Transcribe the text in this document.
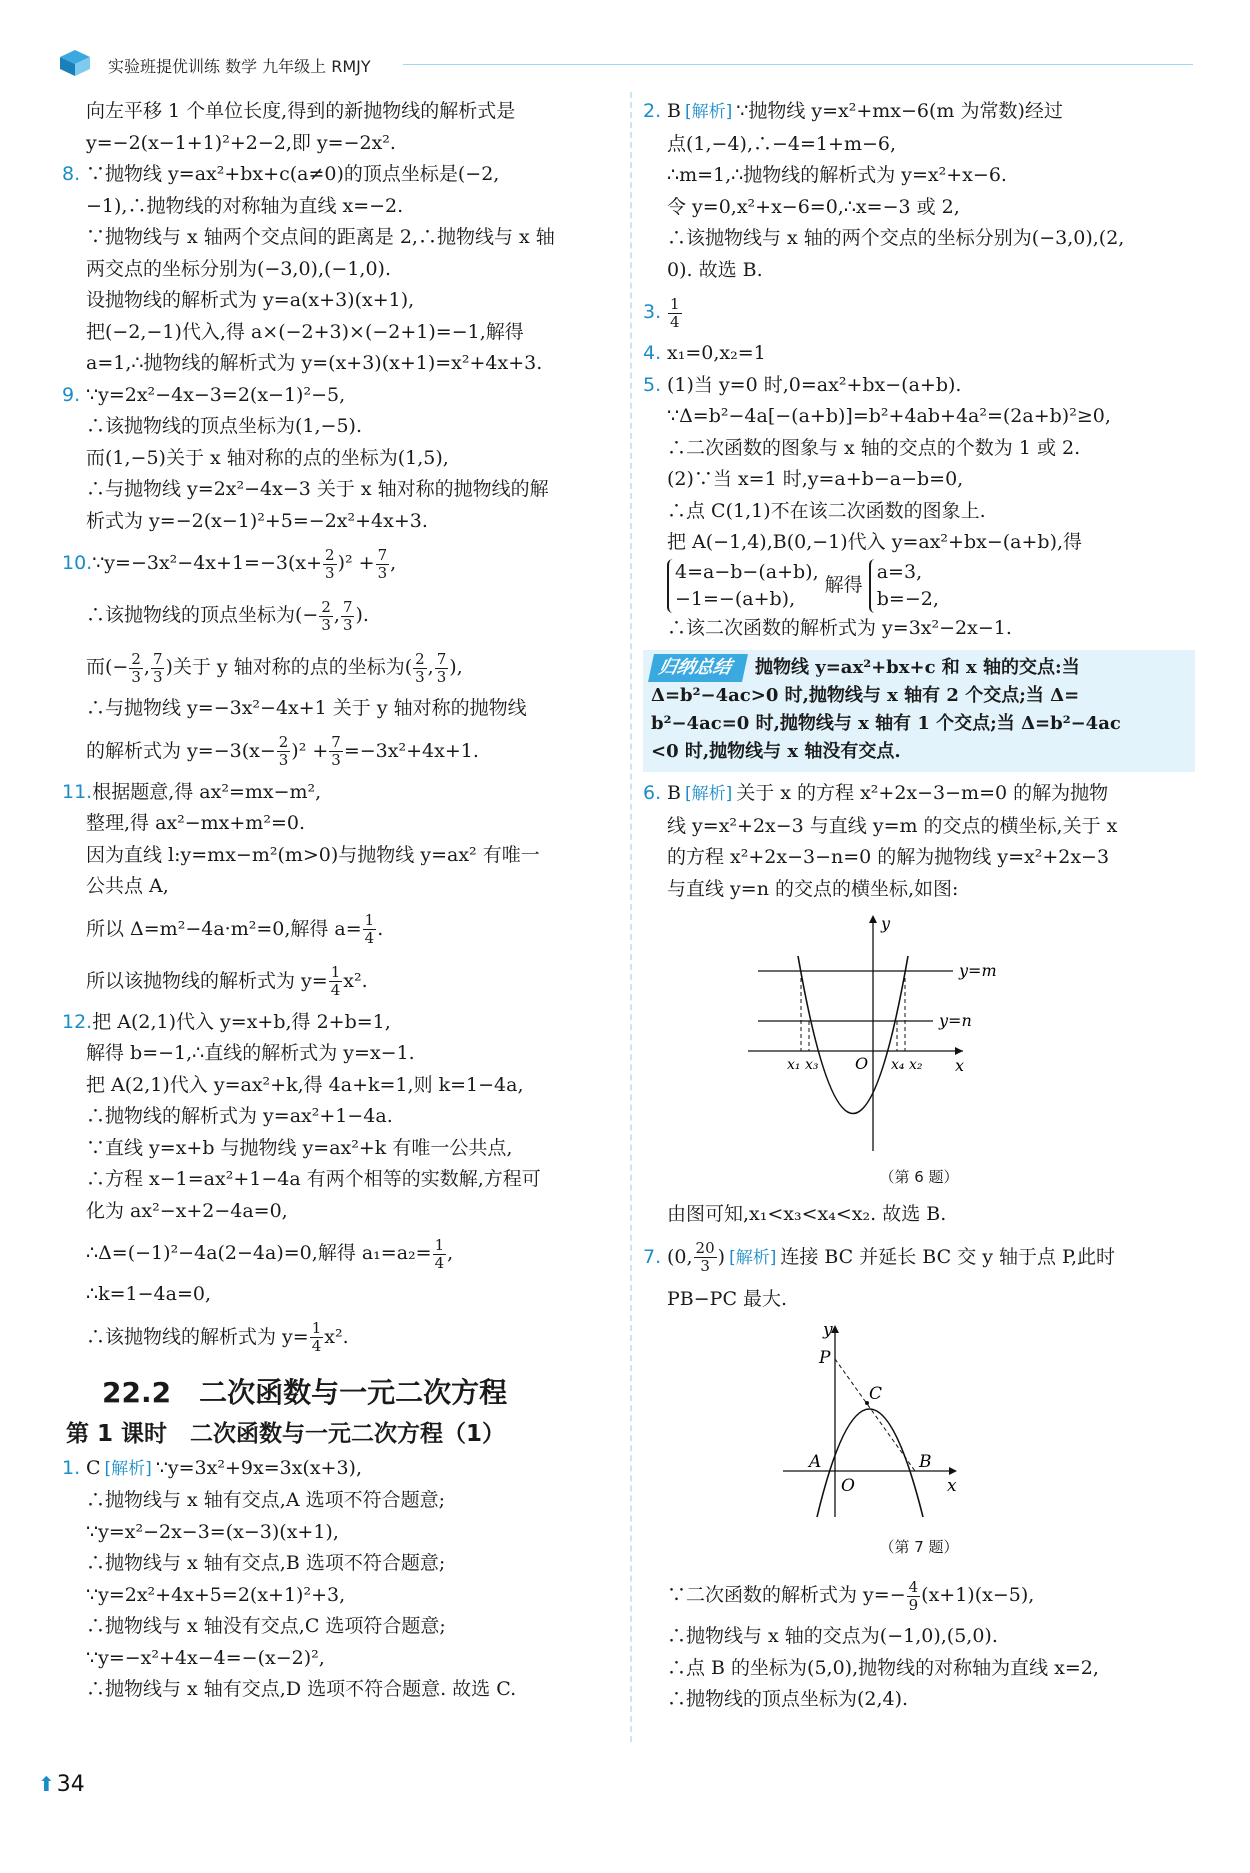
实验班提优训练 数学 九年级上 RMJY
向左平移 1 个单位长度,得到的新抛物线的解析式是
y=−2(x−1+1)²+2−2,即 y=−2x².
8. ∵抛物线 y=ax²+bx+c(a≠0)的顶点坐标是(−2,
−1),∴抛物线的对称轴为直线 x=−2.
∵抛物线与 x 轴两个交点间的距离是 2,∴抛物线与 x 轴
两交点的坐标分别为(−3,0),(−1,0).
设抛物线的解析式为 y=a(x+3)(x+1),
把(−2,−1)代入,得 a×(−2+3)×(−2+1)=−1,解得
a=1,∴抛物线的解析式为 y=(x+3)(x+1)=x²+4x+3.
9. ∵y=2x²−4x−3=2(x−1)²−5,
∴该抛物线的顶点坐标为(1,−5).
而(1,−5)关于 x 轴对称的点的坐标为(1,5),
∴与抛物线 y=2x²−4x−3 关于 x 轴对称的抛物线的解
析式为 y=−2(x−1)²+5=−2x²+4x+3.
10.∵y=−3x²−4x+1=−3(x+ $\frac{2}{3} )^2 + \frac{7}{3}$ ,
∴该抛物线的顶点坐标为(− $\frac{2}{3}$ , $\frac{7}{3}$ ).
而(− $\frac{2}{3}$ , $\frac{7}{3}$ )关于 y 轴对称的点的坐标为( $\frac{2}{3}$ , $\frac{7}{3}$ ),
∴与抛物线 y=−3x²−4x+1 关于 y 轴对称的抛物线
的解析式为 $y=-3(x- \frac{2}{3} )^2 + \frac{7}{3} =-3x^2+4x+1$.
11.根据题意,得 ax²=mx−m²,
整理,得 ax²−mx+m²=0.
因为直线 l:y=mx−m²(m>0)与抛物线 y=ax² 有唯一
公共点 A,
所以 Δ=m²−4a·m²=0,解得 $a= \frac{1}{4}$ .
所以该抛物线的解析式为 $y= \frac{1}{4} x^2$.
12.把 A(2,1)代入 y=x+b,得 2+b=1,
解得 b=−1,∴直线的解析式为 y=x−1.
把 A(2,1)代入 y=ax²+k,得 4a+k=1,则 k=1−4a,
∴抛物线的解析式为 y=ax²+1−4a.
∵直线 y=x+b 与抛物线 y=ax²+k 有唯一公共点,
∴方程 x−1=ax²+1−4a 有两个相等的实数解,方程可
化为 ax²−x+2−4a=0,
∴Δ=(−1)²−4a(2−4a)=0,解得 $a_1=a_2= \frac{1}{4}$ ,
∴k=1−4a=0,
∴该抛物线的解析式为 $y= \frac{1}{4} x^2$.
22.2　二次函数与一元二次方程
第 1 课时　二次函数与一元二次方程（1）
1. C [解析] ∵y=3x²+9x=3x(x+3),
∴抛物线与 x 轴有交点,A 选项不符合题意;
∵y=x²−2x−3=(x−3)(x+1),
∴抛物线与 x 轴有交点,B 选项不符合题意;
∵y=2x²+4x+5=2(x+1)²+3,
∴抛物线与 x 轴没有交点,C 选项符合题意;
∵y=−x²+4x−4=−(x−2)²,
∴抛物线与 x 轴有交点,D 选项不符合题意. 故选 C.
2. B [解析] ∵抛物线 y=x²+mx−6(m 为常数)经过
点(1,−4),∴−4=1+m−6,
∴m=1,∴抛物线的解析式为 y=x²+x−6.
令 y=0,x²+x−6=0,∴x=−3 或 2,
∴该抛物线与 x 轴的两个交点的坐标分别为(−3,0),(2,
0). 故选 B.
3. $\frac{1}{4}$
4. x₁=0,x₂=1
5. (1)当 y=0 时,0=ax²+bx−(a+b).
∵Δ=b²−4a[−(a+b)]=b²+4ab+4a²=(2a+b)²≥0,
∴二次函数的图象与 x 轴的交点的个数为 1 或 2.
(2)∵当 x=1 时,y=a+b−a−b=0,
∴点 C(1,1)不在该二次函数的图象上.
把 A(−1,4),B(0,−1)代入 y=ax²+bx−(a+b),得
4=a−b−(a+b),
−1=−(a+b), 解得 a=3,
b=−2,
∴该二次函数的解析式为 y=3x²−2x−1.
归纳总结 抛物线 y=ax²+bx+c 和 x 轴的交点:当
Δ=b²−4ac>0 时,抛物线与 x 轴有 2 个交点;当 Δ=
b²−4ac=0 时,抛物线与 x 轴有 1 个交点;当 Δ=b²−4ac
<0 时,抛物线与 x 轴没有交点.
6. B [解析] 关于 x 的方程 x²+2x−3−m=0 的解为抛物
线 y=x²+2x−3 与直线 y=m 的交点的横坐标,关于 x
的方程 x²+2x−3−n=0 的解为抛物线 y=x²+2x−3
与直线 y=n 的交点的横坐标,如图:
y
x
O
y=m
y=n
x₁ x₃	x₄ x₂
（第 6 题）
由图可知,x₁<x₃<x₄<x₂. 故选 B.
7. (0, $\frac{20}{3}$ ) [解析] 连接 BC 并延长 BC 交 y 轴于点 P,此时
PB−PC 最大.
y
x
O
P
C
A	B
（第 7 题）
∵二次函数的解析式为 $y=- \frac{4}{9} (x+1)(x-5)$,
∴抛物线与 x 轴的交点为(−1,0),(5,0).
∴点 B 的坐标为(5,0),抛物线的对称轴为直线 x=2,
∴抛物线的顶点坐标为(2,4).
⬆34
